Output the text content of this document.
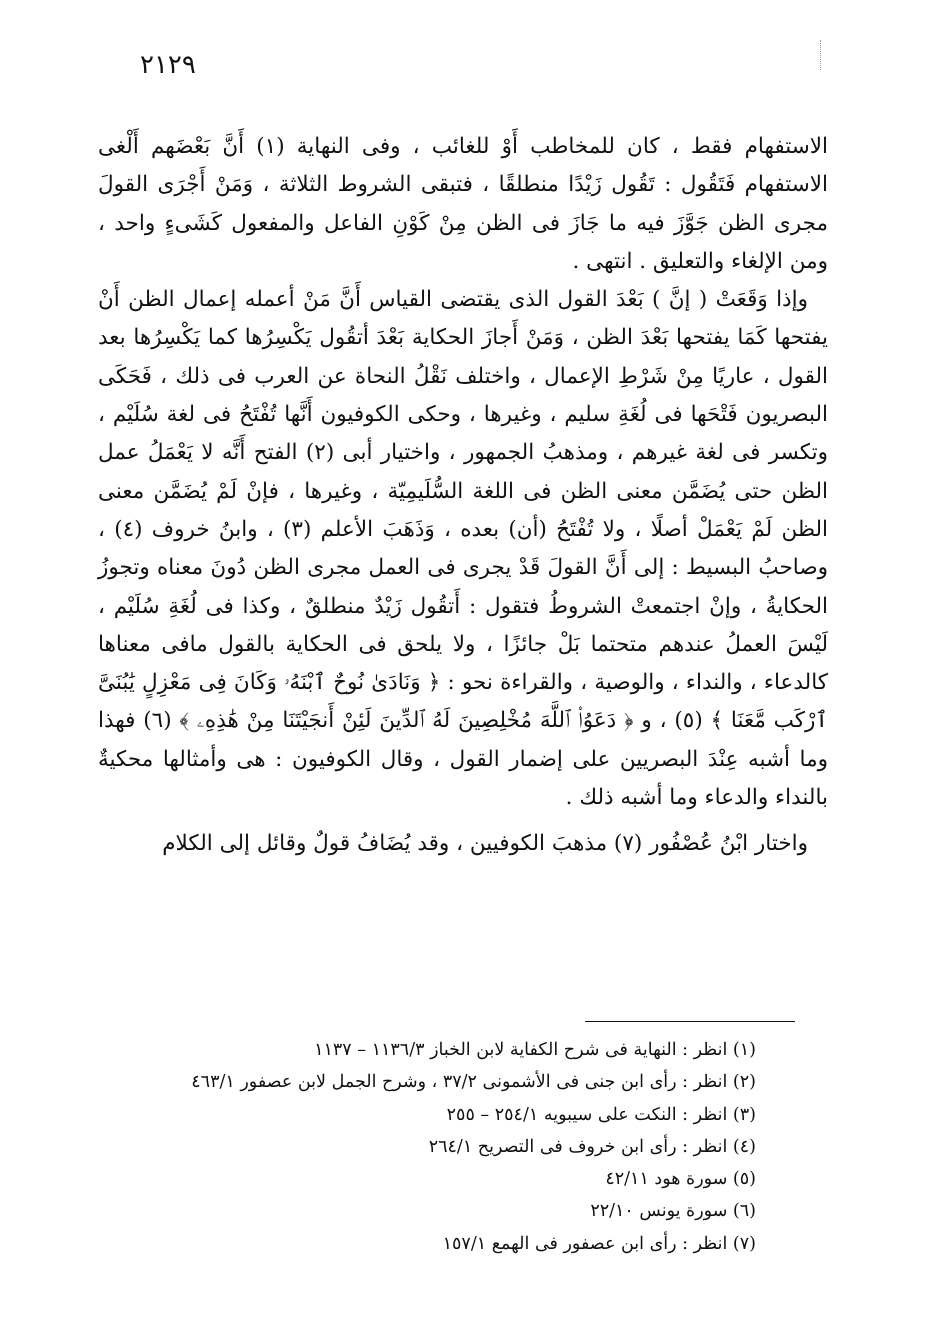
٢١٢٩

الاستفهام فقط ، كان للمخاطب أَوْ للغائب ، وفى النهاية (١) أَنَّ بَعْضَهم أَلْغى الاستفهام فَتَقُول : تَقُول زَيْدًا منطلقًا ، فتبقى الشروط الثلاثة ، وَمَنْ أَجْرَى القولَ مجرى الظن جَوَّزَ فيه ما جَازَ فى الظن مِنْ كَوْنِ الفاعل والمفعول كَشَىءٍ واحد ، ومن الإلغاء والتعليق . انتهى .

وإذا وَقَعَتْ ( إنَّ ) بَعْدَ القول الذى يقتضى القياس أَنَّ مَنْ أعمله إعمال الظن أَنْ يفتحها كَمَا يفتحها بَعْدَ الظن ، وَمَنْ أَجازَ الحكاية بَعْدَ أتقُول يَكْسِرُها كما يَكْسِرُها بعد القول ، عاريًا مِنْ شَرْطِ الإعمال ، واختلف نَقْلُ النحاة عن العرب فى ذلك ، فَحَكَى البصريون فَتْحَها فى لُغَةِ سليم ، وغيرها ، وحكى الكوفيون أَنَّها تُفْتَحُ فى لغة سُلَيْم ، وتكسر فى لغة غيرهم ، ومذهبُ الجمهور ، واختيار أبى (٢) الفتح أَنَّه لا يَعْمَلُ عمل الظن حتى يُضَمَّن معنى الظن فى اللغة السُّلَيمِيّة ، وغيرها ، فإنْ لَمْ يُضَمَّن معنى الظن لَمْ يَعْمَلْ أصلًا ، ولا تُفْتَحُ (أن) بعده ، وَذَهَبَ الأعلم (٣) ، وابنُ خروف (٤) ، وصاحبُ البسيط : إلى أَنَّ القولَ قَدْ يجرى فى العمل مجرى الظن دُونَ معناه وتجوزُ الحكايةُ ، وإنْ اجتمعتْ الشروطُ فتقول : أَتقُول زَيْدٌ منطلقٌ ، وكذا فى لُغَةِ سُلَيْم ، لَيْسَ العملُ عندهم متحتما بَلْ جائزًا ، ولا يلحق فى الحكاية بالقول مافى معناها كالدعاء ، والنداء ، والوصية ، والقراءة نحو : ﴿ وَنَادَىٰ نُوحٌ ٱبْنَهُۥ وَكَانَ فِى مَعْزِلٍ يَٰبُنَىَّ ٱرْكَب مَّعَنَا ﴾ (٥) ، و ﴿ دَعَوُا۟ ٱللَّهَ مُخْلِصِينَ لَهُ ٱلدِّينَ لَئِنْ أَنجَيْتَنَا مِنْ هَٰذِهِۦ ﴾ (٦) فهذا وما أشبه عِنْدَ البصريين على إضمار القول ، وقال الكوفيون : هى وأمثالها محكيةٌ بالنداء والدعاء وما أشبه ذلك .

واختار ابْنُ عُصْفُور (٧) مذهبَ الكوفيين ، وقد يُضَافُ قولٌ وقائل إلى الكلام

(١) انظر : النهاية فى شرح الكفاية لابن الخباز ١١٣٦/٣ – ١١٣٧
(٢) انظر : رأى ابن جنى فى الأشمونى ٣٧/٢ ، وشرح الجمل لابن عصفور ٤٦٣/١
(٣) انظر : النكت على سيبويه ٢٥٤/١ – ٢٥٥
(٤) انظر : رأى ابن خروف فى التصريح ٢٦٤/١
(٥) سورة هود ٤٢/١١
(٦) سورة يونس ٢٢/١٠
(٧) انظر : رأى ابن عصفور فى الهمع ١٥٧/١
